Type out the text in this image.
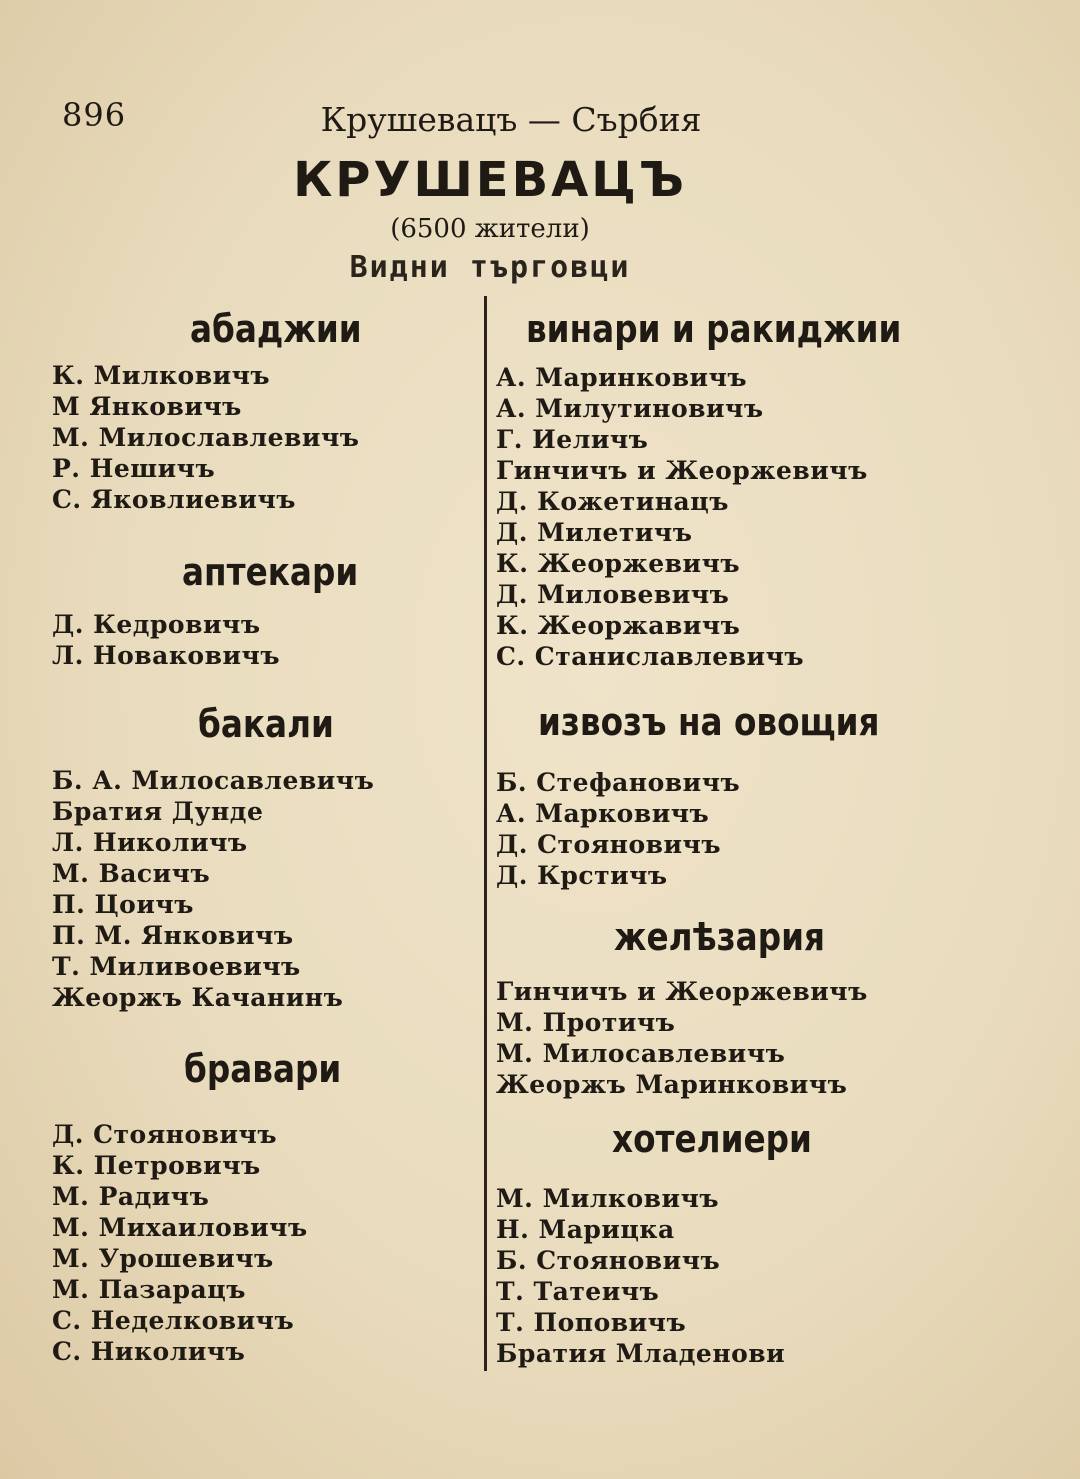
896	Крушевацъ — Сърбия
КРУШЕВАЦЪ
(6500 жители)
Видни търговци
абаджии
К. Милковичъ
М Янковичъ
М. Милославлевичъ
Р. Нешичъ
С. Яковлиевичъ
аптекари
Д. Кедровичъ
Л. Новаковичъ
бакали
Б. А. Милосавлевичъ
Братия Дунде
Л. Николичъ
М. Васичъ
П. Цоичъ
П. М. Янковичъ
Т. Миливоевичъ
Жеоржъ Качанинъ
бравари
Д. Стояновичъ
К. Петровичъ
М. Радичъ
М. Михаиловичъ
М. Урошевичъ
М. Пазарацъ
С. Неделковичъ
С. Николичъ
винари и ракиджии
А. Маринковичъ
А. Милутиновичъ
Г. Иеличъ
Гинчичъ и Жеоржевичъ
Д. Кожетинацъ
Д. Милетичъ
К. Жеоржевичъ
Д. Миловевичъ
К. Жеоржавичъ
С. Станиславлевичъ
извозъ на овощия
Б. Стефановичъ
А. Марковичъ
Д. Стояновичъ
Д. Крстичъ
желѣзария
Гинчичъ и Жеоржевичъ
М. Протичъ
М. Милосавлевичъ
Жеоржъ Маринковичъ
хотелиери
М. Милковичъ
Н. Марицка
Б. Стояновичъ
Т. Татеичъ
Т. Поповичъ
Братия Младенови
